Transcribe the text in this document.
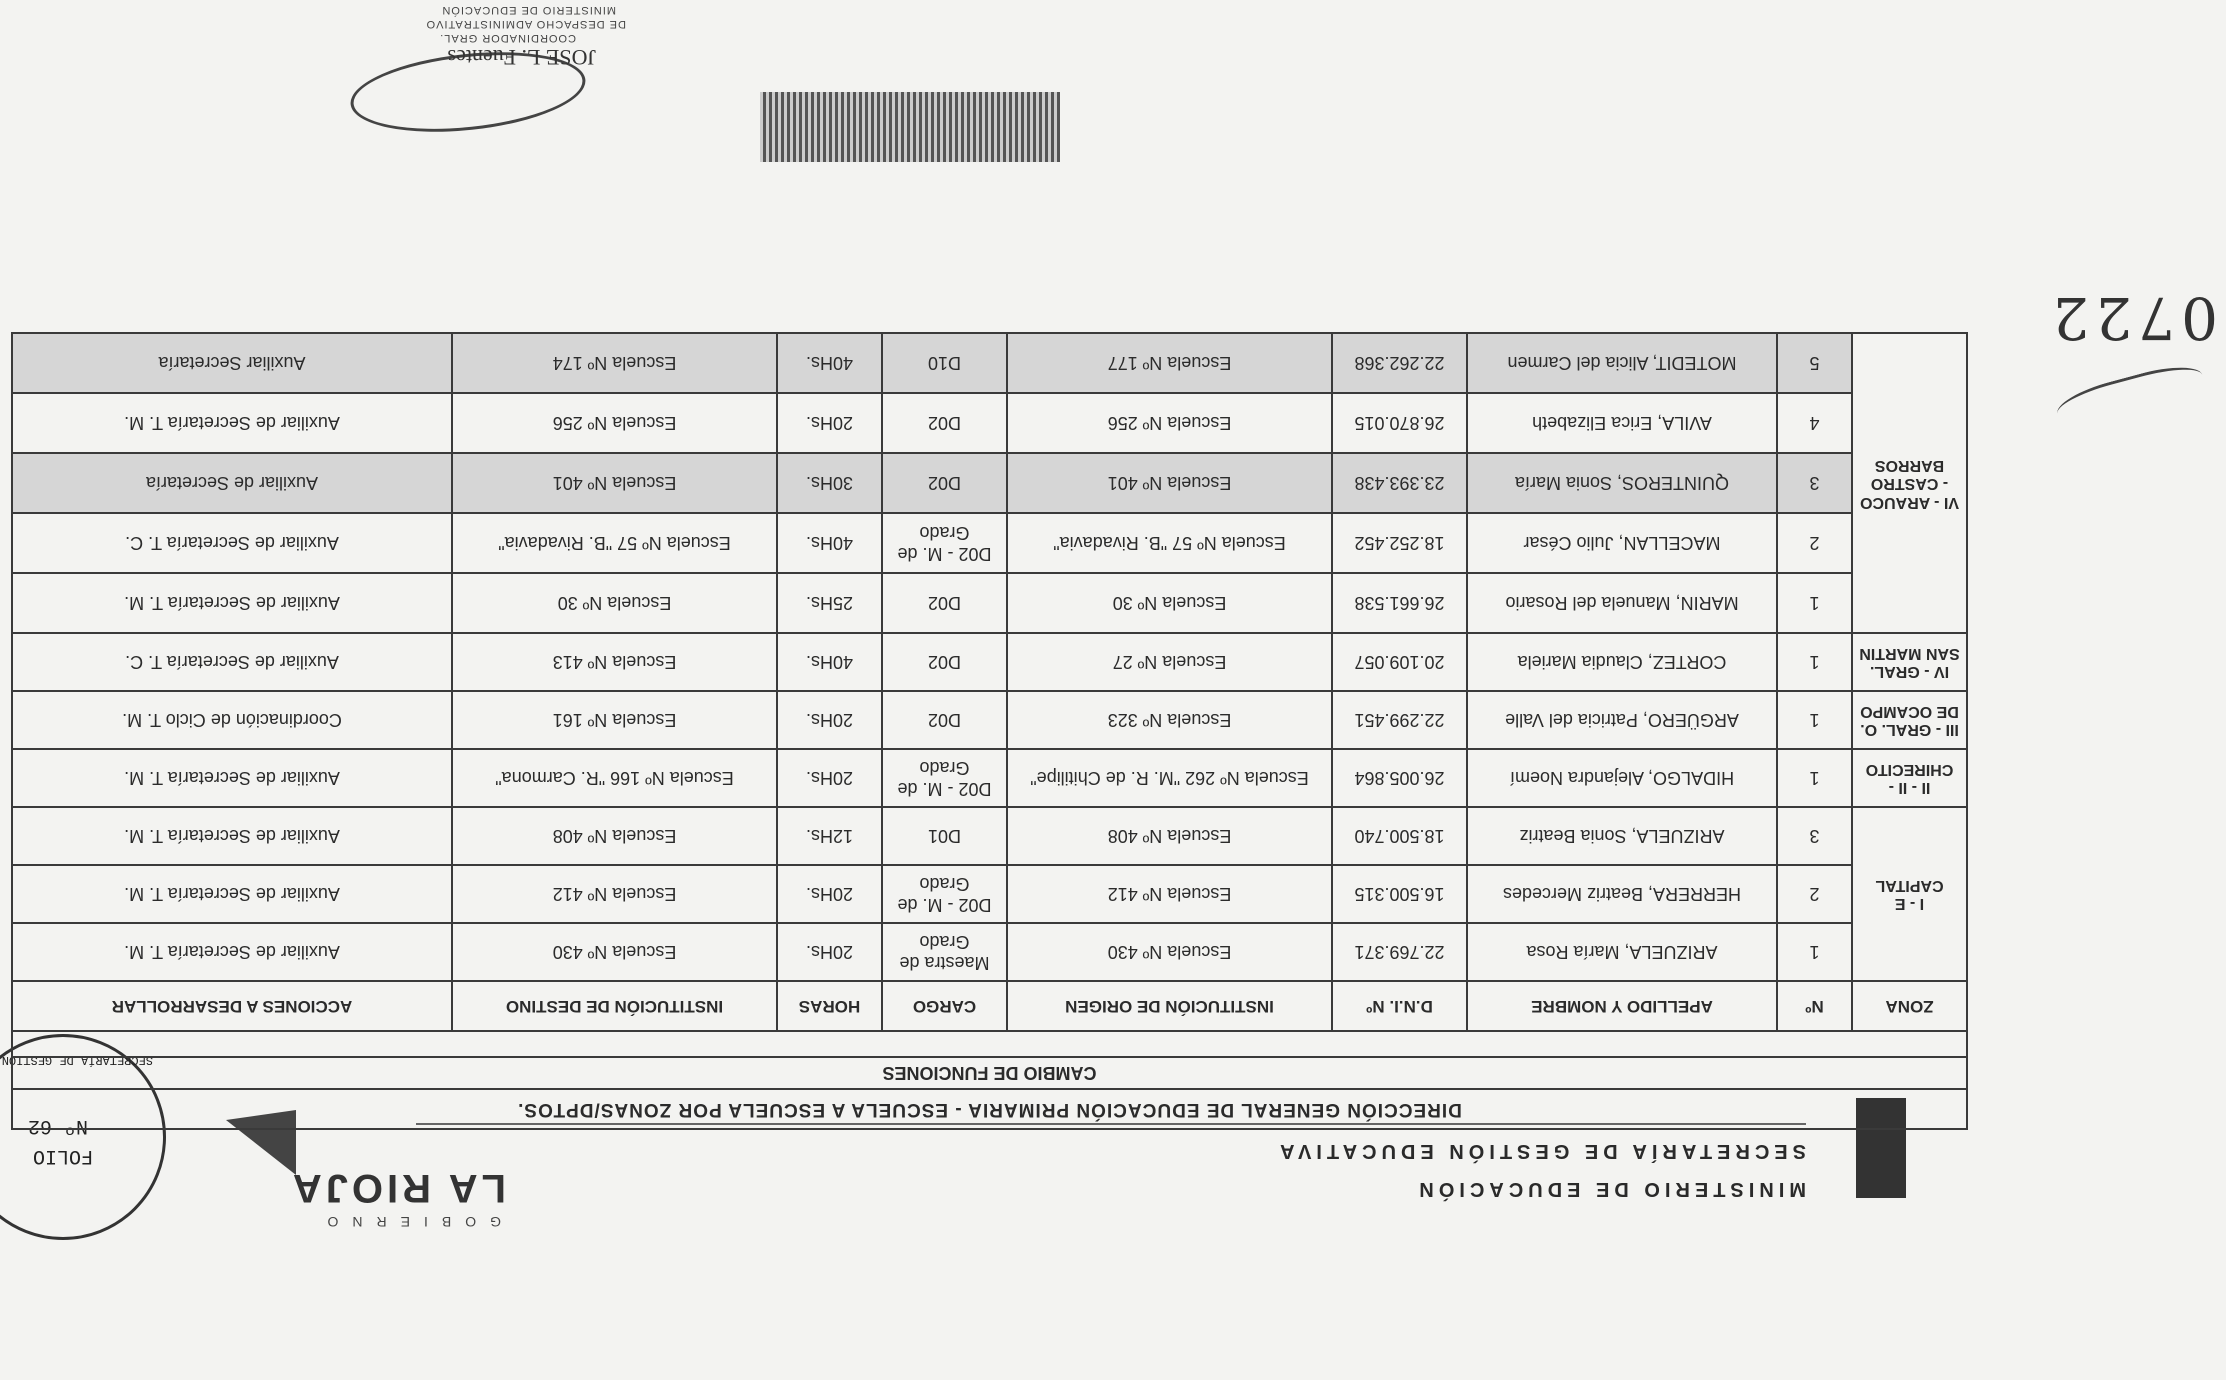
MINISTERIO DE EDUCACIÓN
SECRETARÍA DE GESTIÓN EDUCATIVA
LA RIOJA
GOBIERNO
FOLIO
Nº 62
SECRETARÍA DE GESTIÓN
DIRECCIÓN GENERAL DE EDUCACIÓN PRIMARIA - ESCUELA A ESCUELA POR ZONAS/DPTOS.								
CAMBIO DE FUNCIONES								

ZONA	Nº	APELLIDO Y NOMBRE	D.N.I. Nº	INSTITUCIÓN DE ORIGEN	CARGO	HORAS	INSTITUCIÓN DE DESTINO	ACCIONES A DESARROLLAR
I - E CAPITAL	1	ARIZUELA, María Rosa	22.769.371	Escuela Nº 430	Maestra de Grado	20Hs.	Escuela Nº 430	Auxiliar de Secretaría T. M.
	2	HERRERA, Beatriz Mercedes	16.500.315	Escuela Nº 412	D02 - M. de Grado	20Hs.	Escuela Nº 412	Auxiliar de Secretaría T. M.
	3	ARIZUELA, Sonia Beatriz	18.500.740	Escuela Nº 408	D01	12Hs.	Escuela Nº 408	Auxiliar de Secretaría T. M.
II - II - CHIRECITO	1	HIDALGO, Alejandra Noemí	26.005.864	Escuela Nº 262 "M. R. de Chitilipe"	D02 - M. de Grado	20Hs.	Escuela Nº 166 "R. Carmona"	Auxiliar de Secretaría T. M.
III - GRAL. O. DE OCAMPO	1	ARGÜERO, Patricia del Valle	22.299.451	Escuela Nº 323	D02	20Hs.	Escuela Nº 161	Coordinación de Ciclo T. M.
IV - GRAL. SAN MARTIN	1	CORTEZ, Claudia Mariela	20.109.057	Escuela Nº 27	D02	40Hs.	Escuela Nº 413	Auxiliar de Secretaría T. C.
VI - ARAUCO - CASTRO BARROS	1	MARIN, Manuela del Rosario	26.661.538	Escuela Nº 30	D02	25Hs.	Escuela Nº 30	Auxiliar de Secretaría T. M.
	2	MACELLAN, Julio César	18.252.452	Escuela Nº 57 "B. Rivadavia"	D02 - M. de Grado	40Hs.	Escuela Nº 57 "B. Rivadavia"	Auxiliar de Secretaría T. C.
	3	QUINTEROS, Sonia María	23.393.438	Escuela Nº 401	D02	30Hs.	Escuela Nº 401	Auxiliar de Secretaría
	4	AVILA, Erica Elizabeth	26.870.015	Escuela Nº 256	D02	20Hs.	Escuela Nº 256	Auxiliar de Secretaría T. M.
	5	MOTEDIT, Alicia del Carmen	22.262.368	Escuela Nº 177	D10	40Hs.	Escuela Nº 174	Auxiliar Secretaría
JOSE L. Fuentes
COORDINADOR GRAL.
DE DESPACHO ADMINISTRATIVO
MINISTERIO DE EDUCACIÓN
0722
